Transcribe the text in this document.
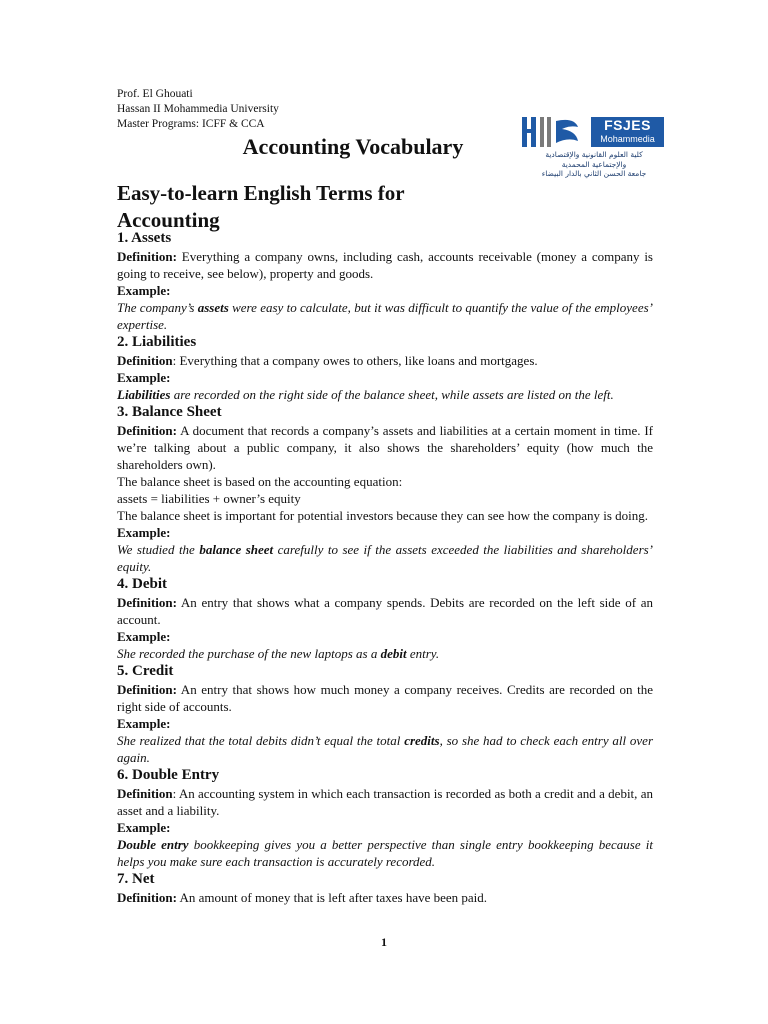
Prof. El Ghouati
Hassan II Mohammedia University
Master Programs: ICFF & CCA
Accounting Vocabulary
Easy-to-learn English Terms for
Accounting
FSJES
Mohammedia
كلية العلوم القانونية والإقتصادية
والإجتماعية المحمدية
جامعة الحسن الثاني بالدار البيضاء
1. Assets

Definition: Everything a company owns, including cash, accounts receivable (money a company is going to receive, see below), property and goods.

Example:

The company’s assets were easy to calculate, but it was difficult to quantify the value of the employees’ expertise.

2. Liabilities

Definition: Everything that a company owes to others, like loans and mortgages.

Example:

Liabilities are recorded on the right side of the balance sheet, while assets are listed on the left.

3. Balance Sheet

Definition: A document that records a company’s assets and liabilities at a certain moment in time. If we’re talking about a public company, it also shows the shareholders’ equity (how much the shareholders own).

The balance sheet is based on the accounting equation:

assets = liabilities + owner’s equity

The balance sheet is important for potential investors because they can see how the company is doing.

Example:

We studied the balance sheet carefully to see if the assets exceeded the liabilities and shareholders’ equity.

4. Debit

Definition: An entry that shows what a company spends. Debits are recorded on the left side of an account.

Example:

She recorded the purchase of the new laptops as a debit entry.

5. Credit

Definition: An entry that shows how much money a company receives. Credits are recorded on the right side of accounts.

Example:

She realized that the total debits didn’t equal the total credits, so she had to check each entry all over again.

6. Double Entry

Definition: An accounting system in which each transaction is recorded as both a credit and a debit, an asset and a liability.

Example:

Double entry bookkeeping gives you a better perspective than single entry bookkeeping because it helps you make sure each transaction is accurately recorded.

7. Net

Definition: An amount of money that is left after taxes have been paid.

1
